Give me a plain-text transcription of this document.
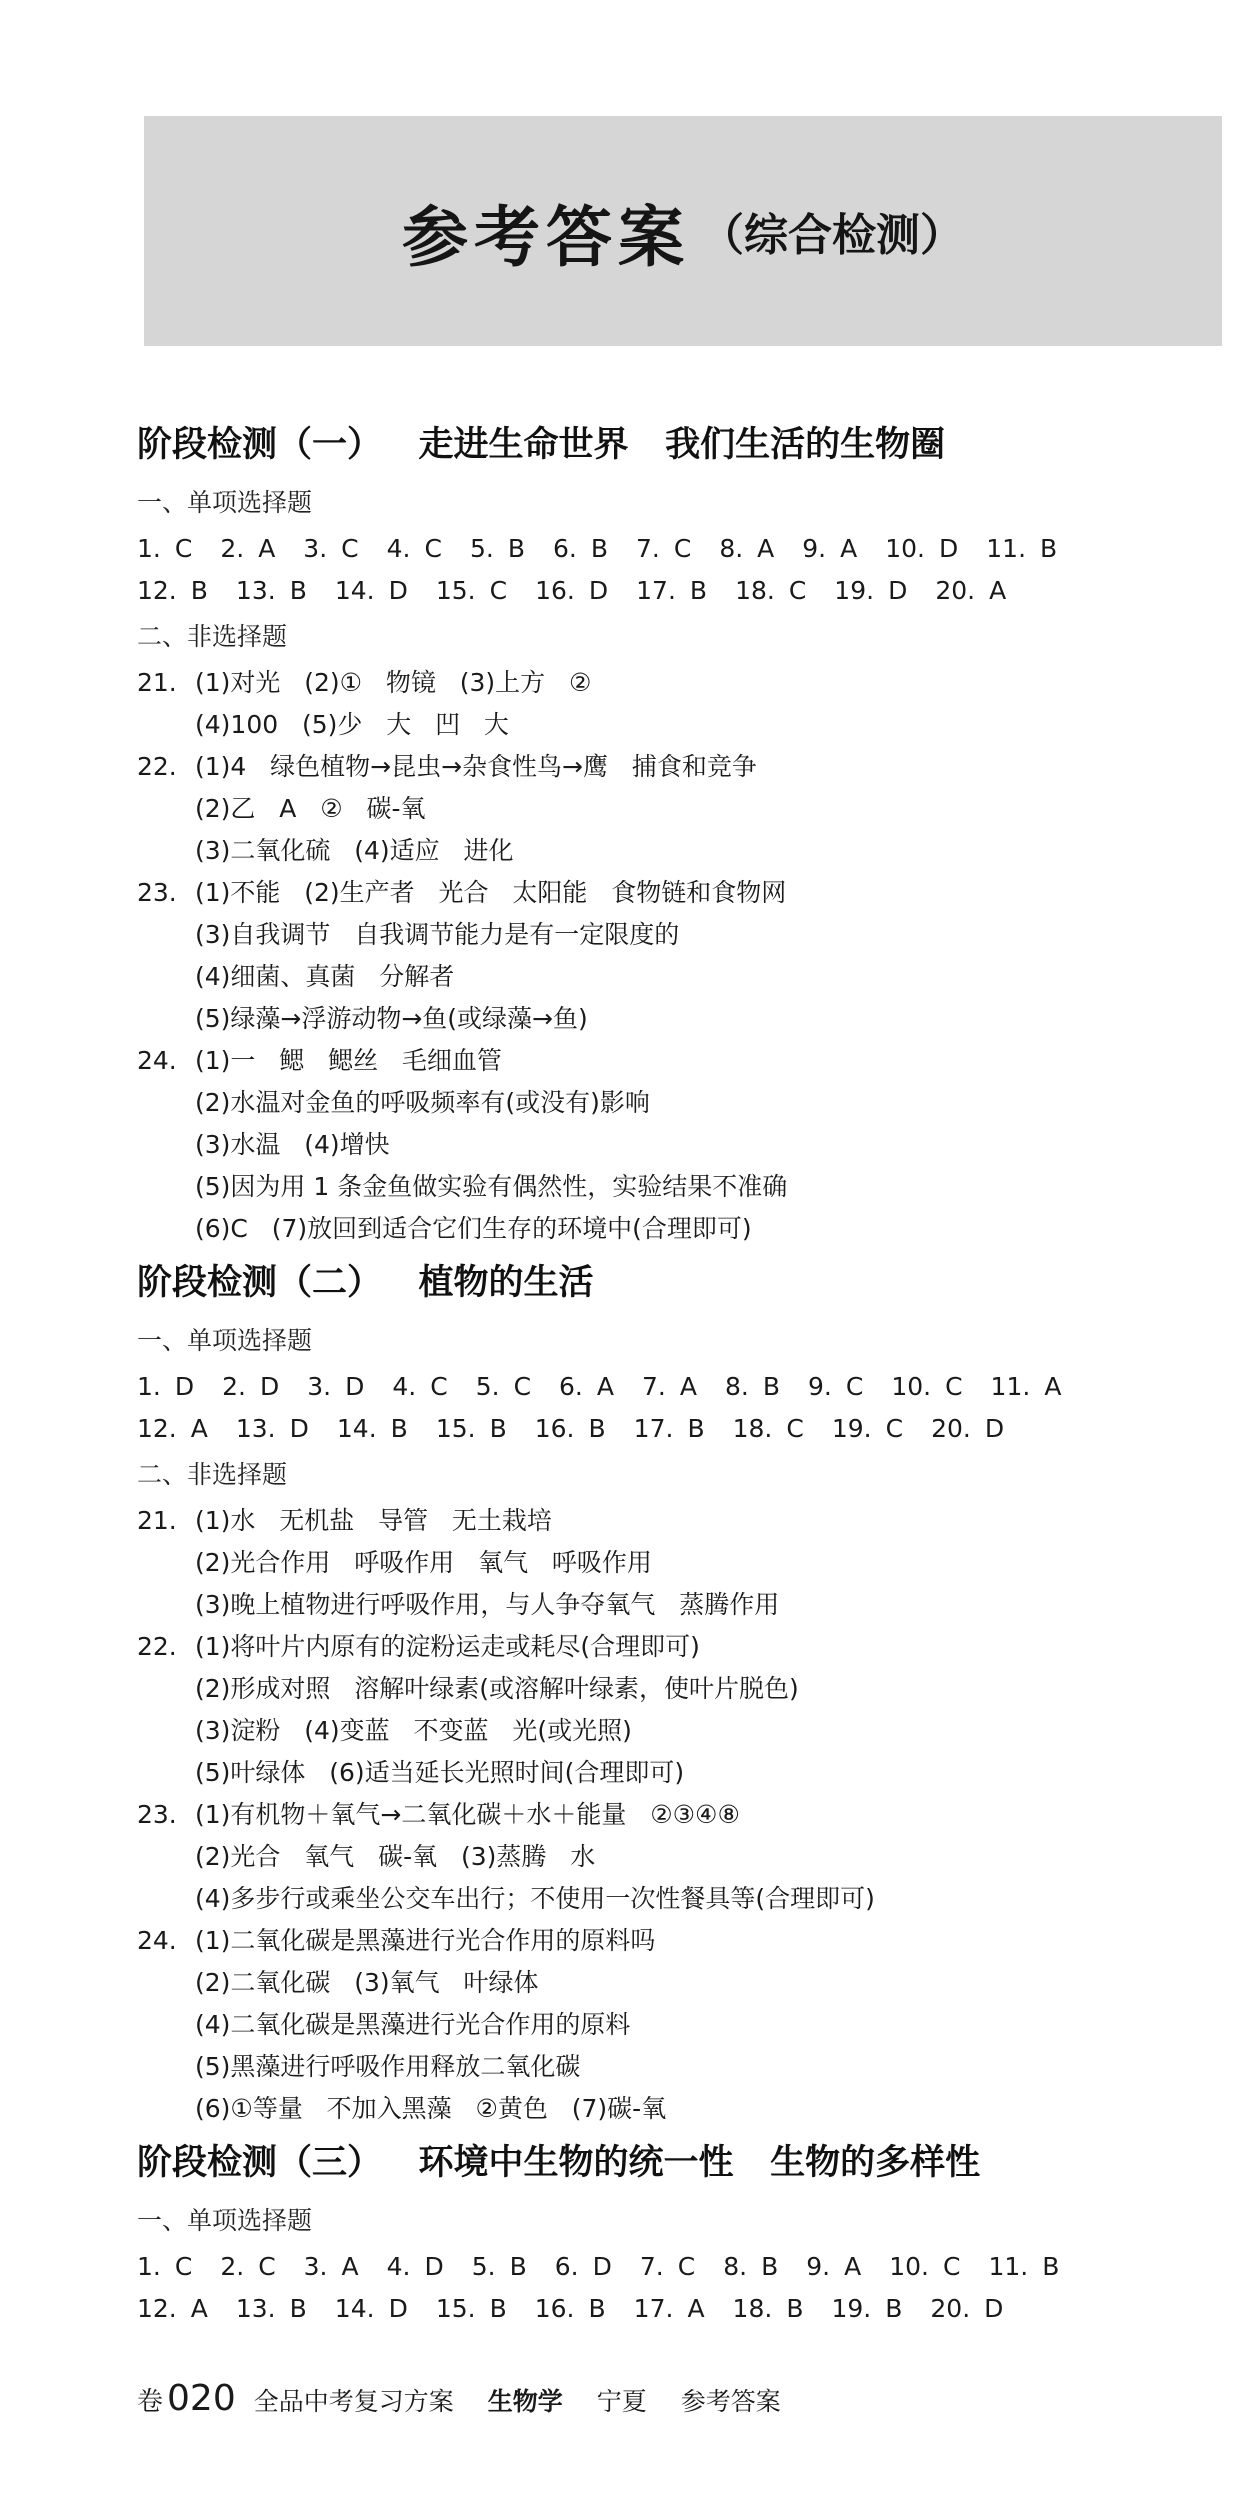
参考答案 （综合检测）
阶段检测（一）   走进生命世界   我们生活的生物圈
一、单项选择题
1. C 2. A 3. C 4. C 5. B 6. B 7. C 8. A 9. A 10. D 11. B
12. B 13. B 14. D 15. C 16. D 17. B 18. C 19. D 20. A
二、非选择题
21. (1)对光   (2)①   物镜   (3)上方   ②
(4)100   (5)少   大   凹   大
22. (1)4   绿色植物→昆虫→杂食性鸟→鹰   捕食和竞争
(2)乙   A   ②   碳-氧
(3)二氧化硫   (4)适应   进化
23. (1)不能   (2)生产者   光合   太阳能   食物链和食物网
(3)自我调节   自我调节能力是有一定限度的
(4)细菌、真菌   分解者
(5)绿藻→浮游动物→鱼(或绿藻→鱼)
24. (1)一   鳃   鳃丝   毛细血管
(2)水温对金鱼的呼吸频率有(或没有)影响
(3)水温   (4)增快
(5)因为用 1 条金鱼做实验有偶然性，实验结果不准确
(6)C   (7)放回到适合它们生存的环境中(合理即可)
阶段检测（二）   植物的生活
一、单项选择题
1. D 2. D 3. D 4. C 5. C 6. A 7. A 8. B 9. C 10. C 11. A
12. A 13. D 14. B 15. B 16. B 17. B 18. C 19. C 20. D
二、非选择题
21. (1)水   无机盐   导管   无土栽培
(2)光合作用   呼吸作用   氧气   呼吸作用
(3)晚上植物进行呼吸作用，与人争夺氧气   蒸腾作用
22. (1)将叶片内原有的淀粉运走或耗尽(合理即可)
(2)形成对照   溶解叶绿素(或溶解叶绿素，使叶片脱色)
(3)淀粉   (4)变蓝   不变蓝   光(或光照)
(5)叶绿体   (6)适当延长光照时间(合理即可)
23. (1)有机物＋氧气→二氧化碳＋水＋能量   ②③④⑧
(2)光合   氧气   碳-氧   (3)蒸腾   水
(4)多步行或乘坐公交车出行；不使用一次性餐具等(合理即可)
24. (1)二氧化碳是黑藻进行光合作用的原料吗
(2)二氧化碳   (3)氧气   叶绿体
(4)二氧化碳是黑藻进行光合作用的原料
(5)黑藻进行呼吸作用释放二氧化碳
(6)①等量   不加入黑藻   ②黄色   (7)碳-氧
阶段检测（三）   环境中生物的统一性   生物的多样性
一、单项选择题
1. C 2. C 3. A 4. D 5. B 6. D 7. C 8. B 9. A 10. C 11. B
12. A 13. B 14. D 15. B 16. B 17. A 18. B 19. B 20. D
卷 020 全品中考复习方案 生物学 宁夏 参考答案
